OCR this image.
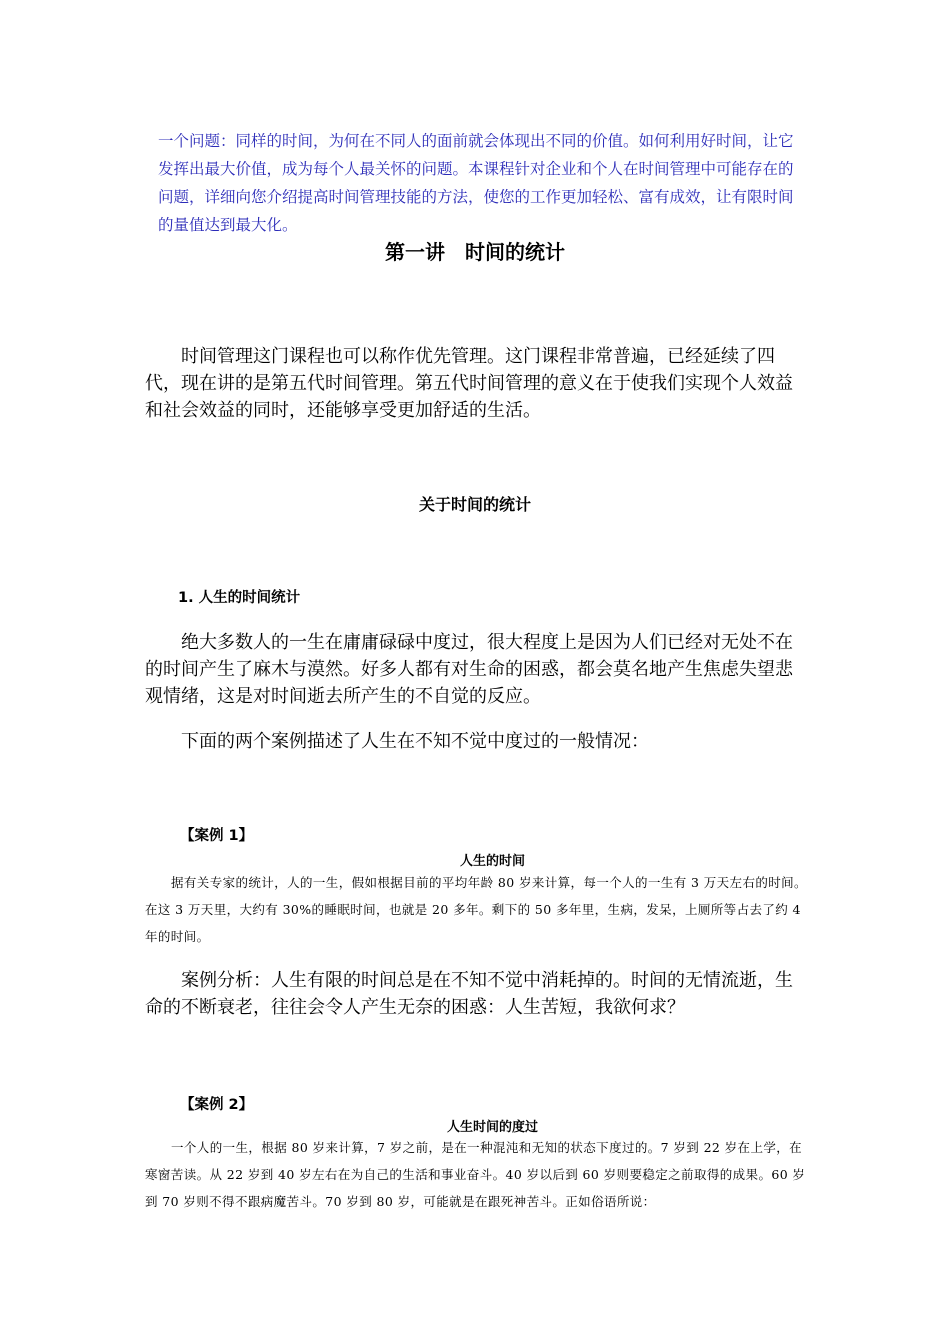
一个问题：同样的时间，为何在不同人的面前就会体现出不同的价值。如何利用好时间，让它发挥出最大价值，成为每个人最关怀的问题。本课程针对企业和个人在时间管理中可能存在的问题，详细向您介绍提高时间管理技能的方法，使您的工作更加轻松、富有成效，让有限时间的量值达到最大化。

第一讲　时间的统计

时间管理这门课程也可以称作优先管理。这门课程非常普遍，已经延续了四代，现在讲的是第五代时间管理。第五代时间管理的意义在于使我们实现个人效益和社会效益的同时，还能够享受更加舒适的生活。

关于时间的统计
1. 人生的时间统计

绝大多数人的一生在庸庸碌碌中度过，很大程度上是因为人们已经对无处不在的时间产生了麻木与漠然。好多人都有对生命的困惑，都会莫名地产生焦虑失望悲观情绪，这是对时间逝去所产生的不自觉的反应。

下面的两个案例描述了人生在不知不觉中度过的一般情况：

【案例 1】
人生的时间

据有关专家的统计，人的一生，假如根据目前的平均年龄 80 岁来计算，每一个人的一生有 3 万天左右的时间。在这 3 万天里，大约有 30%的睡眠时间，也就是 20 多年。剩下的 50 多年里，生病，发呆，上厕所等占去了约 4 年的时间。

案例分析：人生有限的时间总是在不知不觉中消耗掉的。时间的无情流逝，生命的不断衰老，往往会令人产生无奈的困惑：人生苦短，我欲何求？

【案例 2】
人生时间的度过

一个人的一生，根据 80 岁来计算，7 岁之前，是在一种混沌和无知的状态下度过的。7 岁到 22 岁在上学，在寒窗苦读。从 22 岁到 40 岁左右在为自己的生活和事业奋斗。40 岁以后到 60 岁则要稳定之前取得的成果。60 岁到 70 岁则不得不跟病魔苦斗。70 岁到 80 岁，可能就是在跟死神苦斗。正如俗语所说：
